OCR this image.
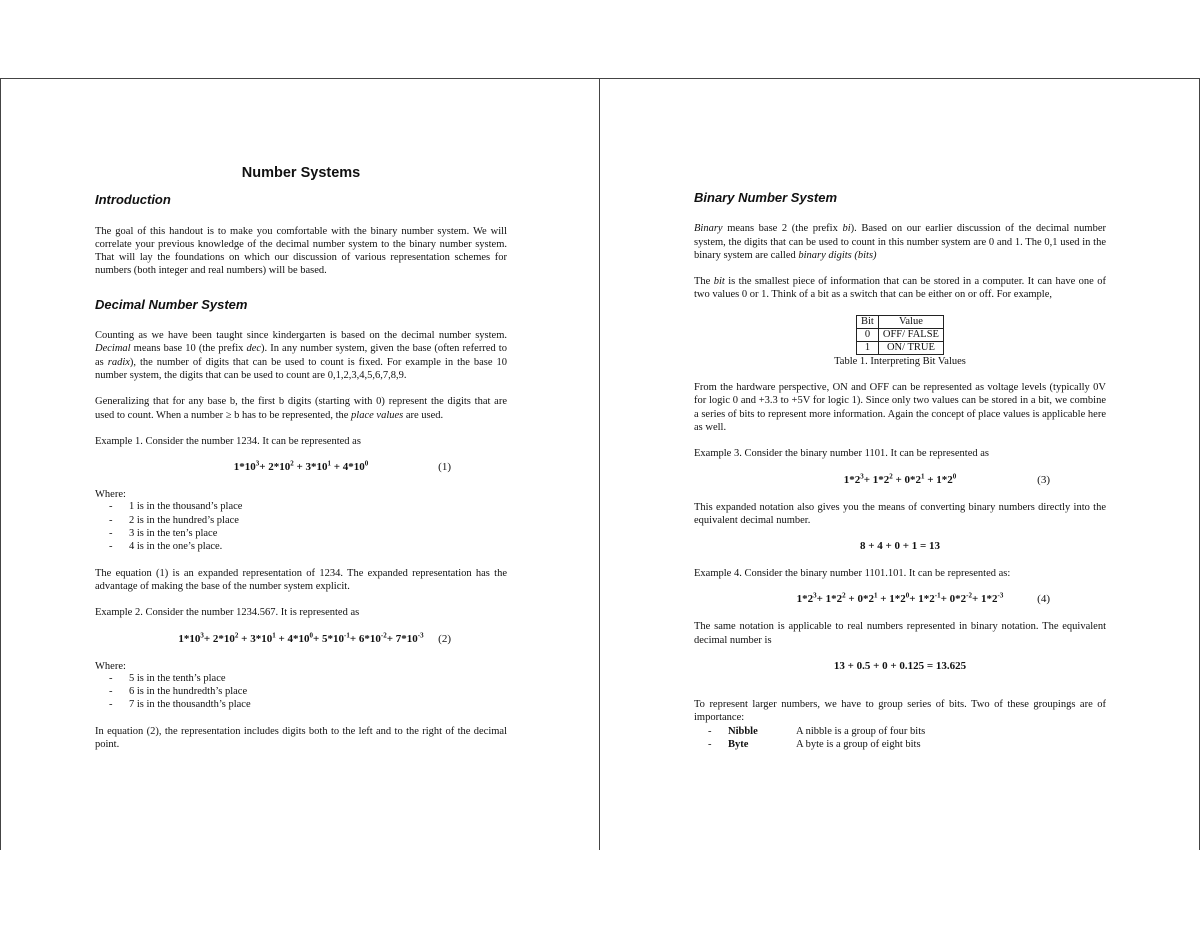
Number Systems
Introduction

The goal of this handout is to make you comfortable with the binary number system. We will correlate your previous knowledge of the decimal number system to the binary number system. That will lay the foundations on which our discussion of various representation schemes for numbers (both integer and real numbers) will be based.

Decimal Number System

Counting as we have been taught since kindergarten is based on the decimal number system. Decimal means base 10 (the prefix dec). In any number system, given the base (often referred to as radix), the number of digits that can be used to count is fixed. For example in the base 10 number system, the digits that can be used to count are 0,1,2,3,4,5,6,7,8,9.

Generalizing that for any base b, the first b digits (starting with 0) represent the digits that are used to count. When a number ≥ b has to be represented, the place values are used.

Example 1. Consider the number 1234. It can be represented as

$1*10^3+ 2*10^2 + 3*10^1 + 4*10^0$	(1)
Where:
- 1 is in the thousand’s place
- 2 is in the hundred’s place
- 3 is in the ten’s place
- 4 is in the one’s place.

The equation (1) is an expanded representation of 1234. The expanded representation has the advantage of making the base of the number system explicit.

Example 2. Consider the number 1234.567. It is represented as

$1*10^3+ 2*10^2 + 3*10^1 + 4*10^0+ 5*10^{-1}+ 6*10^{-2}+ 7*10^{-3}$ (2)
Where:
- 5 is in the tenth’s place
- 6 is in the hundredth’s place
- 7 is in the thousandth’s place

In equation (2), the representation includes digits both to the left and to the right of the decimal point.

Binary Number System

Binary means base 2 (the prefix bi). Based on our earlier discussion of the decimal number system, the digits that can be used to count in this number system are 0 and 1. The 0,1 used in the binary system are called binary digits (bits)

The bit is the smallest piece of information that can be stored in a computer. It can have one of two values 0 or 1. Think of a bit as a switch that can be either on or off. For example,

Bit	Value
0	OFF/ FALSE
1	ON/ TRUE
Table 1. Interpreting Bit Values

From the hardware perspective, ON and OFF can be represented as voltage levels (typically 0V for logic 0 and +3.3 to +5V for logic 1). Since only two values can be stored in a bit, we combine a series of bits to represent more information. Again the concept of place values is applicable here as well.

Example 3. Consider the binary number 1101. It can be represented as

$1*2^3+ 1*2^2 + 0*2^1 + 1*2^0$	(3)

This expanded notation also gives you the means of converting binary numbers directly into the equivalent decimal number.

8 + 4 + 0 + 1 = 13

Example 4. Consider the binary number 1101.101. It can be represented as:

$1*2^3+ 1*2^2 + 0*2^1 + 1*2^0+ 1*2^{-1}+ 0*2^{-2}+ 1*2^{-3}$	(4)

The same notation is applicable to real numbers represented in binary notation. The equivalent decimal number is

13 + 0.5 + 0 + 0.125 = 13.625

To represent larger numbers, we have to group series of bits. Two of these groupings are of importance:

- Nibble	A nibble is a group of four bits
- Byte	A byte is a group of eight bits
